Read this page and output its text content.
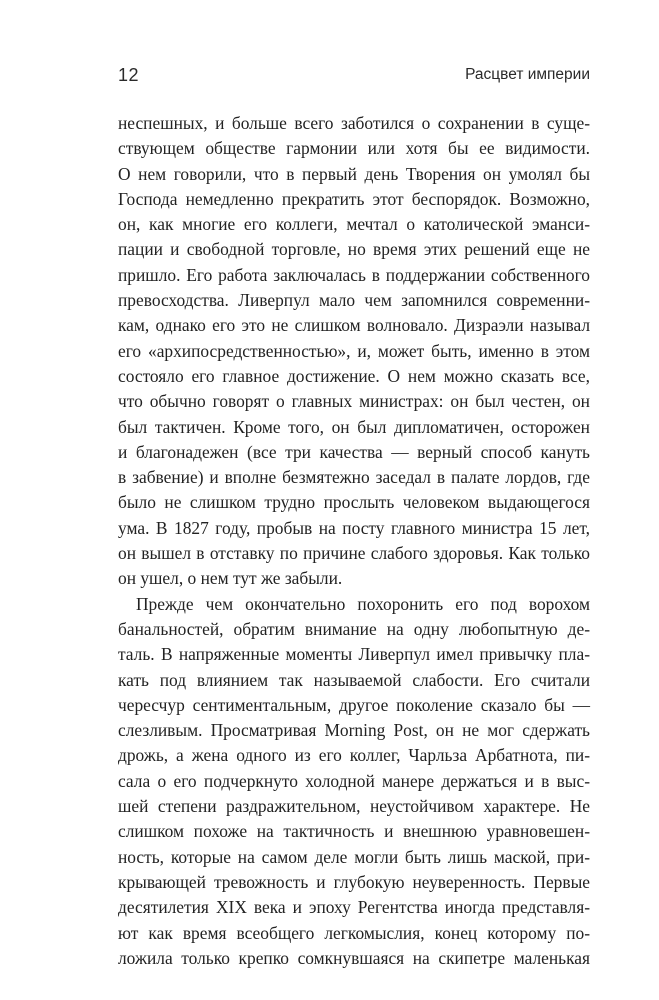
12	Расцвет империи
неспешных, и больше всего заботился о сохранении в суще-
ствующем обществе гармонии или хотя бы ее видимости.
О нем говорили, что в первый день Творения он умолял бы
Господа немедленно прекратить этот беспорядок. Возможно,
он, как многие его коллеги, мечтал о католической эманси-
пации и свободной торговле, но время этих решений еще не
пришло. Его работа заключалась в поддержании собственного
превосходства. Ливерпул мало чем запомнился современни-
кам, однако его это не слишком волновало. Дизраэли называл
его «архипосредственностью», и, может быть, именно в этом
состояло его главное достижение. О нем можно сказать все,
что обычно говорят о главных министрах: он был честен, он
был тактичен. Кроме того, он был дипломатичен, осторожен
и благонадежен (все три качества — верный способ кануть
в забвение) и вполне безмятежно заседал в палате лордов, где
было не слишком трудно прослыть человеком выдающегося
ума. В 1827 году, пробыв на посту главного министра 15 лет,
он вышел в отставку по причине слабого здоровья. Как только
он ушел, о нем тут же забыли.
Прежде чем окончательно похоронить его под ворохом
банальностей, обратим внимание на одну любопытную де-
таль. В напряженные моменты Ливерпул имел привычку пла-
кать под влиянием так называемой слабости. Его считали
чересчур сентиментальным, другое поколение сказало бы —
слезливым. Просматривая Morning Post, он не мог сдержать
дрожь, а жена одного из его коллег, Чарльза Арбатнота, пи-
сала о его подчеркнуто холодной манере держаться и в выс-
шей степени раздражительном, неустойчивом характере. Не
слишком похоже на тактичность и внешнюю уравновешен-
ность, которые на самом деле могли быть лишь маской, при-
крывающей тревожность и глубокую неуверенность. Первые
десятилетия XIX века и эпоху Регентства иногда представля-
ют как время всеобщего легкомыслия, конец которому по-
ложила только крепко сомкнувшаяся на скипетре маленькая
